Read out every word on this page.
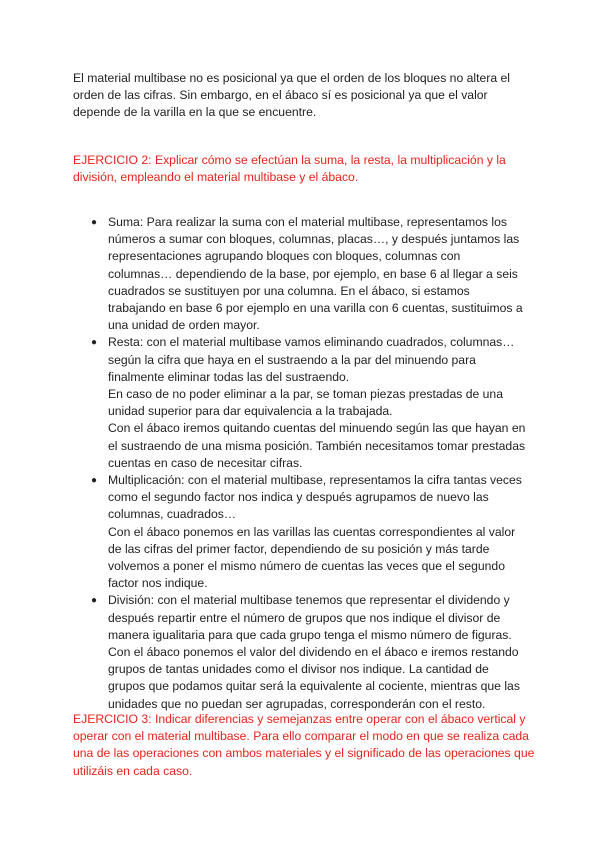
El material multibase no es posicional ya que el orden de los bloques no altera el orden de las cifras. Sin embargo, en el ábaco sí es posicional ya que el valor depende de la varilla en la que se encuentre.

EJERCICIO 2: Explicar cómo se efectúan la suma, la resta, la multiplicación y la división, empleando el material multibase y el ábaco.

● Suma: Para realizar la suma con el material multibase, representamos los números a sumar con bloques, columnas, placas…, y después juntamos las representaciones agrupando bloques con bloques, columnas con columnas… dependiendo de la base, por ejemplo, en base 6 al llegar a seis cuadrados se sustituyen por una columna. En el ábaco, si estamos trabajando en base 6 por ejemplo en una varilla con 6 cuentas, sustituimos a una unidad de orden mayor.

● Resta: con el material multibase vamos eliminando cuadrados, columnas… según la cifra que haya en el sustraendo a la par del minuendo para finalmente eliminar todas las del sustraendo.

En caso de no poder eliminar a la par, se toman piezas prestadas de una unidad superior para dar equivalencia a la trabajada.

Con el ábaco iremos quitando cuentas del minuendo según las que hayan en el sustraendo de una misma posición. También necesitamos tomar prestadas cuentas en caso de necesitar cifras.

● Multiplicación: con el material multibase, representamos la cifra tantas veces como el segundo factor nos indica y después agrupamos de nuevo las columnas, cuadrados…

Con el ábaco ponemos en las varillas las cuentas correspondientes al valor de las cifras del primer factor, dependiendo de su posición y más tarde volvemos a poner el mismo número de cuentas las veces que el segundo factor nos indique.

● División: con el material multibase tenemos que representar el dividendo y después repartir entre el número de grupos que nos indique el divisor de manera igualitaria para que cada grupo tenga el mismo número de figuras.

Con el ábaco ponemos el valor del dividendo en el ábaco e iremos restando grupos de tantas unidades como el divisor nos indique. La cantidad de grupos que podamos quitar será la equivalente al cociente, mientras que las unidades que no puedan ser agrupadas, corresponderán con el resto.

EJERCICIO 3: Indicar diferencias y semejanzas entre operar con el ábaco vertical y operar con el material multibase. Para ello comparar el modo en que se realiza cada una de las operaciones con ambos materiales y el significado de las operaciones que utilizáis en cada caso.
